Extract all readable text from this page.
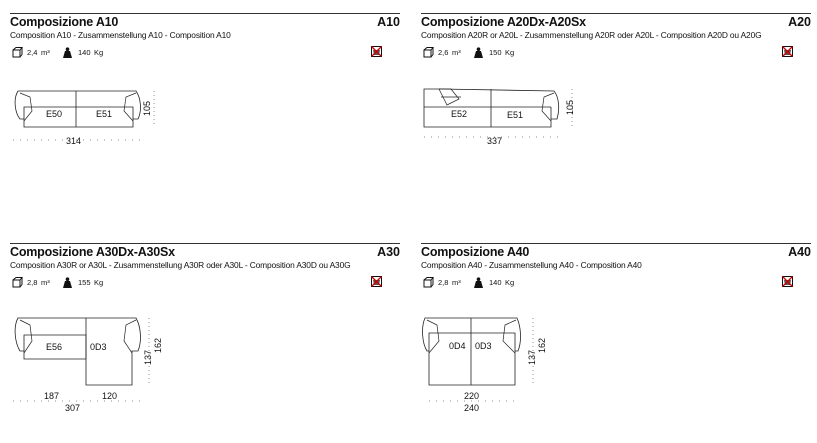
Composizione A10	A10
Composition A10 - Zusammenstellung A10 - Composition A10
2,4 m³	140 Kg
E50	E51	105
314
Composizione A20Dx-A20Sx	A20
Composition A20R or A20L - Zusammenstellung A20R oder A20L - Composition A20D ou A20G
2,6 m³	150 Kg
E52	E51	105
337
Composizione A30Dx-A30Sx	A30
Composition A30R or A30L - Zusammenstellung A30R oder A30L - Composition A30D ou A30G
2,8 m³	155 Kg
E56	0D3
137
162
187	120
307
Composizione A40	A40
Composition A40 - Zusammenstellung A40 - Composition A40
2,8 m³	140 Kg
0D4 0D3
137
162
220
240
